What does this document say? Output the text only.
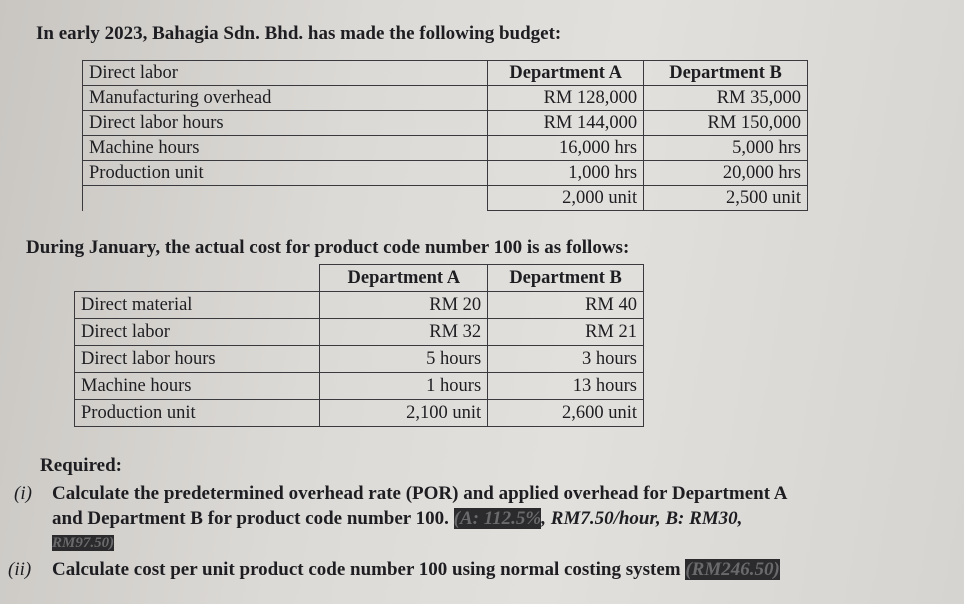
In early 2023, Bahagia Sdn. Bhd. has made the following budget:
Direct labor	Department A	Department B
Manufacturing overhead	RM 128,000	RM 35,000
Direct labor hours	RM 144,000	RM 150,000
Machine hours	16,000 hrs	5,000 hrs
Production unit	1,000 hrs	20,000 hrs
	2,000 unit	2,500 unit
During January, the actual cost for product code number 100 is as follows:
	Department A	Department B
Direct material	RM 20	RM 40
Direct labor	RM 32	RM 21
Direct labor hours	5 hours	3 hours
Machine hours	1 hours	13 hours
Production unit	2,100 unit	2,600 unit
Required:
(i) Calculate the predetermined overhead rate (POR) and applied overhead for Department A
and Department B for product code number 100. (A: 112.5%, RM7.50/hour, B: RM30,
RM97.50)
(ii) Calculate cost per unit product code number 100 using normal costing system (RM246.50)
